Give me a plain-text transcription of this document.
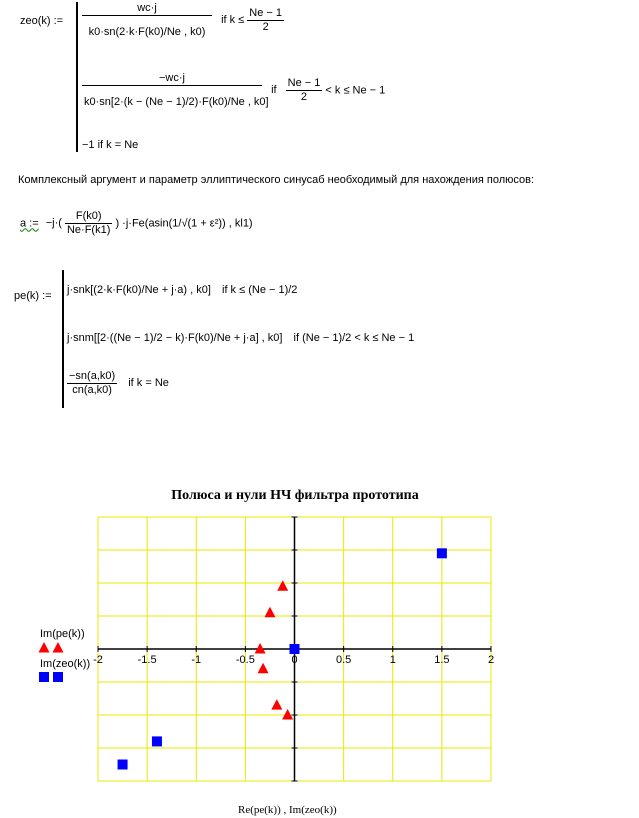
zeo(k) := $\frac{wc\cdot j}{k0\cdot sn(2\cdot k\cdot F(k0)/Ne , k0)}$ if $k \le \frac{Ne - 1}{2}$
$\frac{-wc\cdot j}{k0\cdot sn[2\cdot(k - (Ne - 1)/2)\cdot F(k0)/Ne , k0]}$ if $\frac{Ne - 1}{2} < k \le Ne - 1$
−1 if k = Ne
Комплексный аргумент и параметр эллиптического синусаб необходимый для нахождения полюсов:
a := $-j\cdot( \frac{F(k0)}{Ne\cdot F(k1)}$ ) ·j·Fe(asin(1/√(1 + ε²)) , kl1)
pe(k) := j·snk[(2·k·F(k0)/Ne + j·a) , k0] if k ≤ (Ne − 1)/2
j·snm[[2·((Ne − 1)/2 − k)·F(k0)/Ne + j·a] , k0] if (Ne − 1)/2 < k ≤ Ne − 1
$\frac{-sn(a,k0)}{cn(a,k0)}$ if k = Ne
Полюса и нули НЧ фильтра прототипа
-2	-1.5	-1	-0.5	0	0.5	1	1.5	2
Im(pe(k))
Im(zeo(k))
Re(pe(k)) , Im(zeo(k))
